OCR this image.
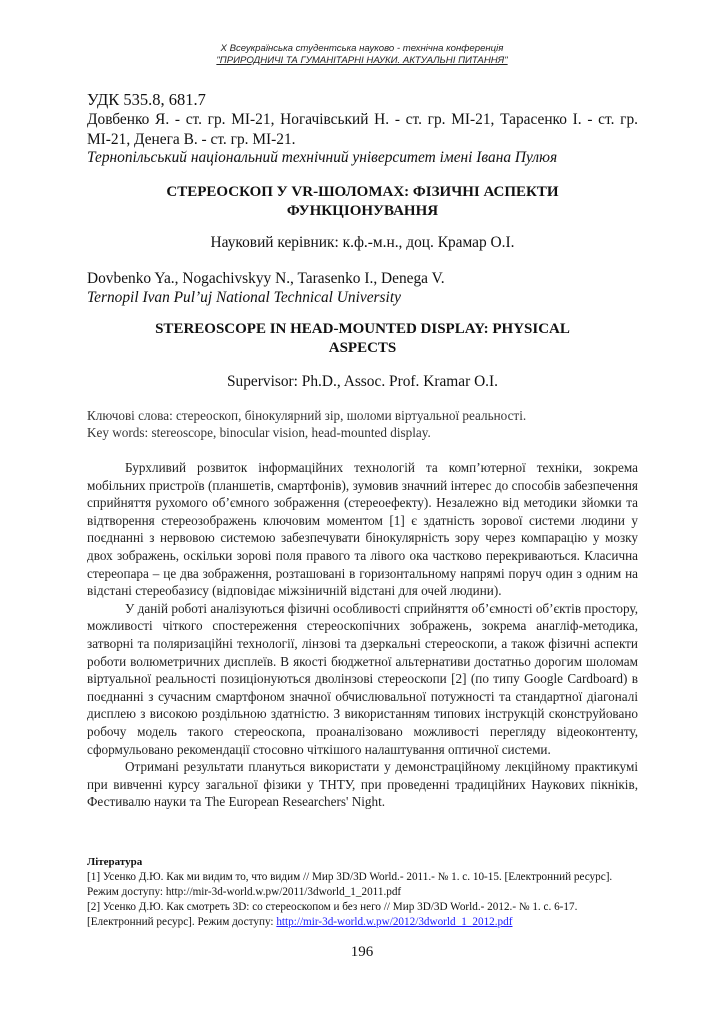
X Всеукраїнська студентська науково - технічна конференція
"ПРИРОДНИЧІ ТА ГУМАНІТАРНІ НАУКИ. АКТУАЛЬНІ ПИТАННЯ"
УДК 535.8, 681.7
Довбенко Я. - ст. гр. МІ-21, Ногачівський Н. - ст. гр. МІ-21, Тарасенко І. - ст. гр. МІ-21, Денега В. - ст. гр. МІ-21.
Тернопільський національний технічний університет імені Івана Пулюя
СТЕРЕОСКОП У VR-ШОЛОМАХ: ФІЗИЧНІ АСПЕКТИ
ФУНКЦІОНУВАННЯ
Науковий керівник: к.ф.-м.н., доц. Крамар О.І.
Dovbenko Ya., Nogachivskyy N., Tarasenko I., Denega V.
Ternopil Ivan Pul’uj National Technical University
STEREOSCOPE IN HEAD-MOUNTED DISPLAY: PHYSICAL
ASPECTS
Supervisor: Ph.D., Assoc. Prof. Kramar O.I.
Ключові слова: стереоскоп, бінокулярний зір, шоломи віртуальної реальності.
Key words: stereoscope, binocular vision, head-mounted display.

Бурхливий розвиток інформаційних технологій та комп’ютерної техніки, зокрема мобільних пристроїв (планшетів, смартфонів), зумовив значний інтерес до способів забезпечення сприйняття рухомого об’ємного зображення (стереоефекту). Незалежно від методики зйомки та відтворення стереозображень ключовим моментом [1] є здатність зорової системи людини у поєднанні з нервовою системою забезпечувати бінокулярність зору через компарацію у мозку двох зображень, оскільки зорові поля правого та лівого ока частково перекриваються. Класична стереопара – це два зображення, розташовані в горизонтальному напрямі поруч один з одним на відстані стереобазису (відповідає міжзіничній відстані для очей людини).

У даній роботі аналізуються фізичні особливості сприйняття об’ємності об’єктів простору, можливості чіткого спостереження стереоскопічних зображень, зокрема анагліф-методика, затворні та поляризаційні технології, лінзові та дзеркальні стереоскопи, а також фізичні аспекти роботи волюметричних дисплеїв. В якості бюджетної альтернативи достатньо дорогим шоломам віртуальної реальності позиціонуються дволінзові стереоскопи [2] (по типу Google Cardboard) в поєднанні з сучасним смартфоном значної обчислювальної потужності та стандартної діагоналі дисплею з високою роздільною здатністю. З використанням типових інструкцій сконструйовано робочу модель такого стереоскопа, проаналізовано можливості перегляду відеоконтенту, сформульовано рекомендації стосовно чіткішого налаштування оптичної системи.

Отримані результати плануться використати у демонстраційному лекційному практикумі при вивченні курсу загальної фізики у ТНТУ, при проведенні традиційних Наукових пікніків, Фестивалю науки та The European Researchers' Night.

Література
[1] Усенко Д.Ю. Как ми видим то, что видим // Мир 3D/3D World.- 2011.- № 1. с. 10-15. [Електронний ресурс]. Режим доступу: http://mir-3d-world.w.pw/2011/3dworld_1_2011.pdf
[2] Усенко Д.Ю. Как смотреть 3D: со стереоскопом и без него // Мир 3D/3D World.- 2012.- № 1. с. 6-17. [Електронний ресурс]. Режим доступу: http://mir-3d-world.w.pw/2012/3dworld_1_2012.pdf
196
